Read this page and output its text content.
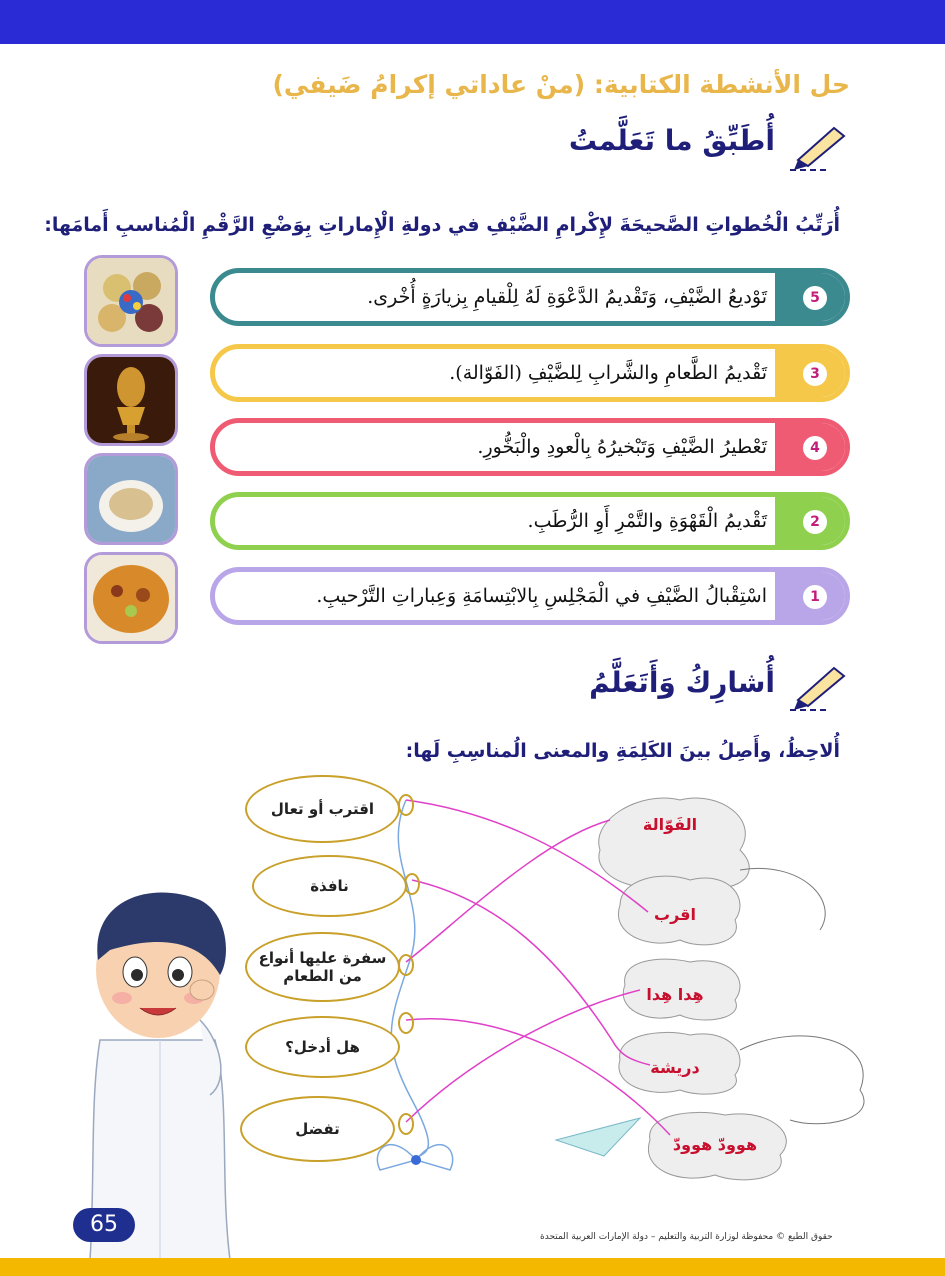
حل الأنشطة الكتابية: (منْ عاداتي إكرامُ ضَيفي)
أُطَبِّقُ ما تَعَلَّمتُ
أُرَتِّبُ الْخُطواتِ الصَّحيحَةَ لإِكْرامِ الضَّيْفِ في دولةِ الْإِماراتِ بِوَضْعِ الرَّقْمِ الْمُناسبِ أَمامَها:
5
تَوْديعُ الضَّيْفِ، وَتَقْديمُ الدَّعْوَةِ لَهُ لِلْقيامِ بِزيارَةٍ أُخْرى.
3
تَقْديمُ الطَّعامِ والشَّرابِ لِلضَّيْفِ (الفَوّالة).
4
تَعْطيرُ الضَّيْفِ وَتَبْخيرُهُ بِالْعودِ والْبَخُّورِ.
2
تَقْديمُ الْقَهْوَةِ والتَّمْرِ أَوِ الرُّطَبِ.
1
اسْتِقْبالُ الضَّيْفِ في الْمَجْلِسِ بِالابْتِسامَةِ وَعِباراتِ التَّرْحيبِ.
أُشارِكُ وَأَتَعَلَّمُ
أُلاحِظُ، وأَصِلُ بينَ الكَلِمَةِ والمعنى الُمناسِبِ لَها:
اقترب أو تعال
نافذة
سفرة عليها أنواع من الطعام
هل أدخل؟
تفضل
الفَوّالة
اقرب
هِدا هِدا
دريشة
هوودّ هوودّ
65	حقوق الطبع © محفوظة لوزارة التربية والتعليم – دولة الإمارات العربية المتحدة
